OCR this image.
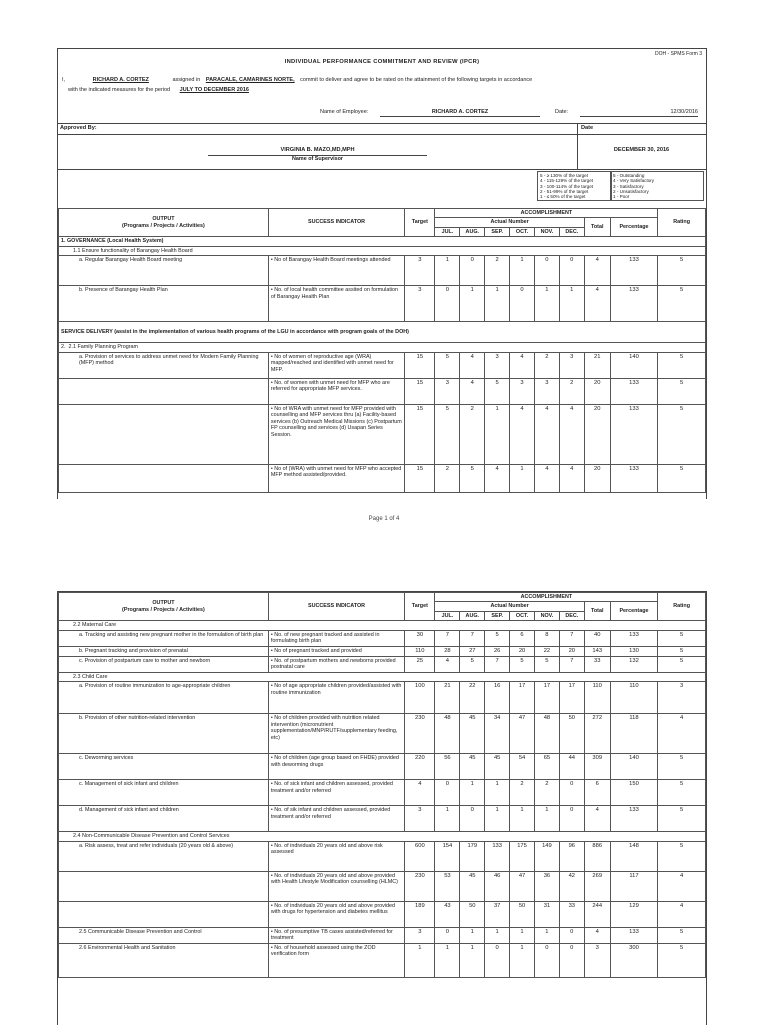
DOH - SPMS Form 3
INDIVIDUAL PERFORMANCE COMMITMENT AND REVIEW (IPCR)
I,	RICHARD A. CORTEZ	assigned in PARACALE, CAMARINES NORTE, commit to deliver and agree to be rated on the attainment of the following targets in accordance
with the indicated measures for the period JULY TO DECEMBER 2016
Name of Employee:	RICHARD A. CORTEZ	Date:	12/30/2016
Approved By:	Date
VIRGINIA B. MAZO,MD,MPH
Name of Supervisor
DECEMBER 30, 2016
5 - ≥ 130% of the target
4 - 115-129% of the target
3 - 100-114% of the target
2 - 51-99% of the target
1 - ≤ 50% of the target
5 - Outstanding
4 - Very Satisfactory
3 - Satisfactory
2 - Unsatisfactory
1 - Poor
OUTPUT
(Programs / Projects / Activities)	SUCCESS INDICATOR	Target	ACCOMPLISHMENT								Rating
			Actual Number						Total	Percentage	
			JUL.	AUG.	SEP.	OCT.	NOV.	DEC.			
1. GOVERNANCE (Local Health System)											
1.1 Ensure functionality of Barangay Health Board											

a. Regular Barangay Health Board meeting	• No of Barangay Health Board meetings attended	3	1	0	2	1	0	0	4	133	5

b. Presence of Barangay Health Plan	• No. of local health committee assited on formulation of Barangay Health Plan	3	0	1	1	0	1	1	4	133	5
SERVICE DELIVERY (assist in the implementation of various health programs of the LGU in accordance with program goals of the DOH)											
2. 2.1 Family Planning Program											

a. Provision of services to address unmet need for Modern Family Planning (MFP) method	• No of women of reproductive age (WRA) mapped/reached and identified with unmet need for MFP.	15	5	4	3	4	2	3	21	140	5

	• No. of women with unmet need for MFP who are referred for appropriate MFP services.	15	3	4	5	3	3	2	20	133	5

	• No of WRA with unmet need for MFP provided with counselling and MFP services thru (a) Facility-based services (b) Outreach Medical Missions (c) Postpartum FP counselling and services (d) Usapan Series Session.	15	5	2	1	4	4	4	20	133	5

	• No of (WRA) with unmet need for MFP who accepted MFP method assisted/provided.	15	2	5	4	1	4	4	20	133	5
Page 1 of 4
OUTPUT
(Programs / Projects / Activities)	SUCCESS INDICATOR	Target	ACCOMPLISHMENT								Rating
			Actual Number						Total	Percentage	
			JUL.	AUG.	SEP.	OCT.	NOV.	DEC.			
2.2 Maternal Care											

a. Tracking and assisting new pregnant mother in the formulation of birth plan	• No. of new pregnant tracked and assisted in formulating birth plan	30	7	7	5	6	8	7	40	133	5

b. Pregnant tracking and provision of prenatal	• No of pregnant tracked and provided	110	28	27	26	20	22	20	143	130	5

c. Provision of postpartum care to mother and newborn	• No. of postpartum mothers and newborns provided postnatal care	25	4	5	7	5	5	7	33	132	5
2.3 Child Care											

a. Provision of routine immunization to age-appropriate children	• No of age appropriate children provided/assisted with routine immunization	100	21	22	16	17	17	17	110	110	3

b. Provision of other nutrition-related intervention	• No of children provided with nutrition related intervention (micronutrient supplementation/MNP/RUTF/supplementary feeding, etc)	230	48	45	34	47	48	50	272	118	4

c. Deworming services	• No of children (age group based on FHDE) provided with deworming drugs	220	56	45	45	54	65	44	309	140	5

c. Management of sick infant and children	• No. of sick infant and children assessed, provided treatment and/or referred	4	0	1	1	2	2	0	6	150	5

d. Management of sick infant and children	• No. of sik infant and children assessed, provided treatment and/or referred	3	1	0	1	1	1	0	4	133	5
2.4 Non-Communicable Disease Prevention and Control Services											

a. Risk assess, treat and refer individuals (20 years old & above)	• No. of individuals 20 years old and above risk assessed	600	154	179	133	175	149	96	886	148	5

	• No. of individuals 20 years old and above provided with Health Lifestyle Modification counselling (HLMC)	230	53	45	46	47	36	42	269	117	4

	• No. of individuals 20 years old and above provided with drugs for hypertension and diabetes mellitus	189	43	50	37	50	31	33	244	129	4

2.5 Communicable Disease Prevention and Control	• No. of presumptive TB cases assisted/referred for treatment	3	0	1	1	1	1	0	4	133	5

2.6 Environmental Health and Sanitation	• No. of household assessed using the ZOD verification form	1	1	1	0	1	0	0	3	300	5
